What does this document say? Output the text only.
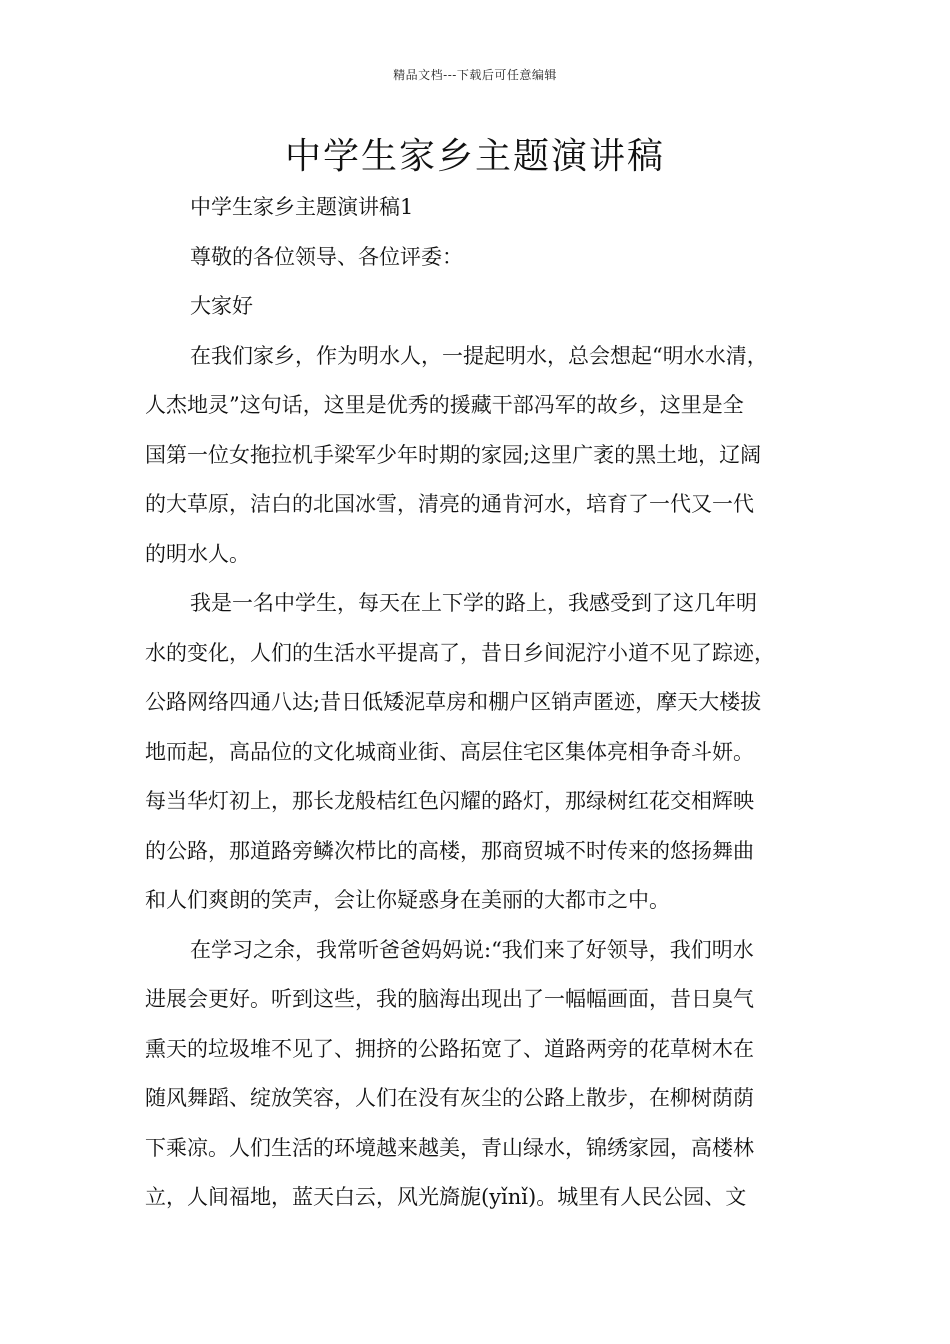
精品文档---下载后可任意编辑
中学生家乡主题演讲稿

中学生家乡主题演讲稿1

尊敬的各位领导、各位评委：

大家好

在我们家乡，作为明水人，一提起明水，总会想起“明水水清，
人杰地灵”这句话，这里是优秀的援藏干部冯军的故乡，这里是全
国第一位女拖拉机手梁军少年时期的家园;这里广袤的黑土地，辽阔
的大草原，洁白的北国冰雪，清亮的通肯河水，培育了一代又一代
的明水人。
我是一名中学生，每天在上下学的路上，我感受到了这几年明
水的变化，人们的生活水平提高了，昔日乡间泥泞小道不见了踪迹，
公路网络四通八达;昔日低矮泥草房和棚户区销声匿迹，摩天大楼拔
地而起，高品位的文化城商业街、高层住宅区集体亮相争奇斗妍。
每当华灯初上，那长龙般桔红色闪耀的路灯，那绿树红花交相辉映
的公路，那道路旁鳞次栉比的高楼，那商贸城不时传来的悠扬舞曲
和人们爽朗的笑声，会让你疑惑身在美丽的大都市之中。
在学习之余，我常听爸爸妈妈说:“我们来了好领导，我们明水
进展会更好。听到这些，我的脑海出现出了一幅幅画面，昔日臭气
熏天的垃圾堆不见了、拥挤的公路拓宽了、道路两旁的花草树木在
随风舞蹈、绽放笑容，人们在没有灰尘的公路上散步，在柳树荫荫
下乘凉。人们生活的环境越来越美，青山绿水，锦绣家园，高楼林
立，人间福地，蓝天白云，风光旖旎(yǐnǐ)。城里有人民公园、文
